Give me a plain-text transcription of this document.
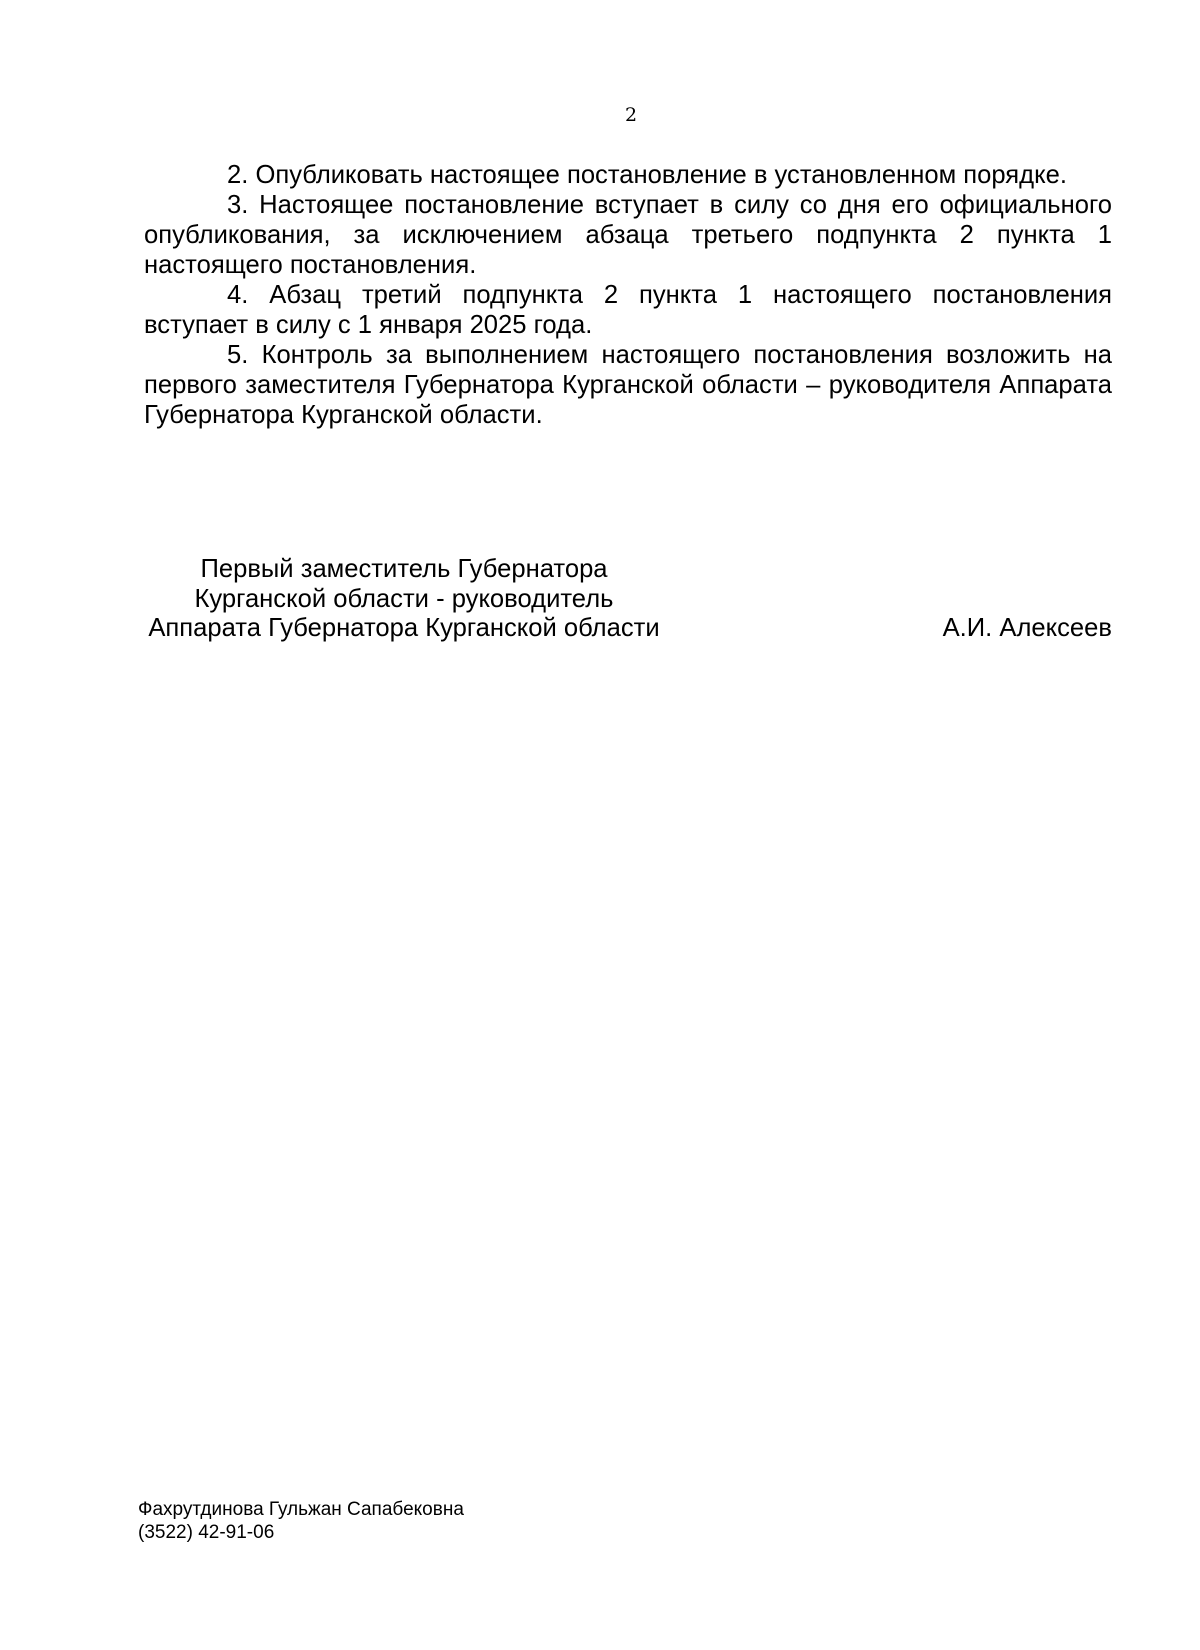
2

2. Опубликовать настоящее постановление в установленном порядке.

3. Настоящее постановление вступает в силу со дня его официального опубликования, за исключением абзаца третьего подпункта 2 пункта 1 настоящего постановления.

4. Абзац третий подпункта 2 пункта 1 настоящего постановления вступает в силу с 1 января 2025 года.

5. Контроль за выполнением настоящего постановления возложить на первого заместителя Губернатора Курганской области – руководителя Аппарата Губернатора Курганской области.

Первый заместитель Губернатора
Курганской области - руководитель
Аппарата Губернатора Курганской области	А.И. Алексеев
Фахрутдинова Гульжан Сапабековна
(3522) 42-91-06
